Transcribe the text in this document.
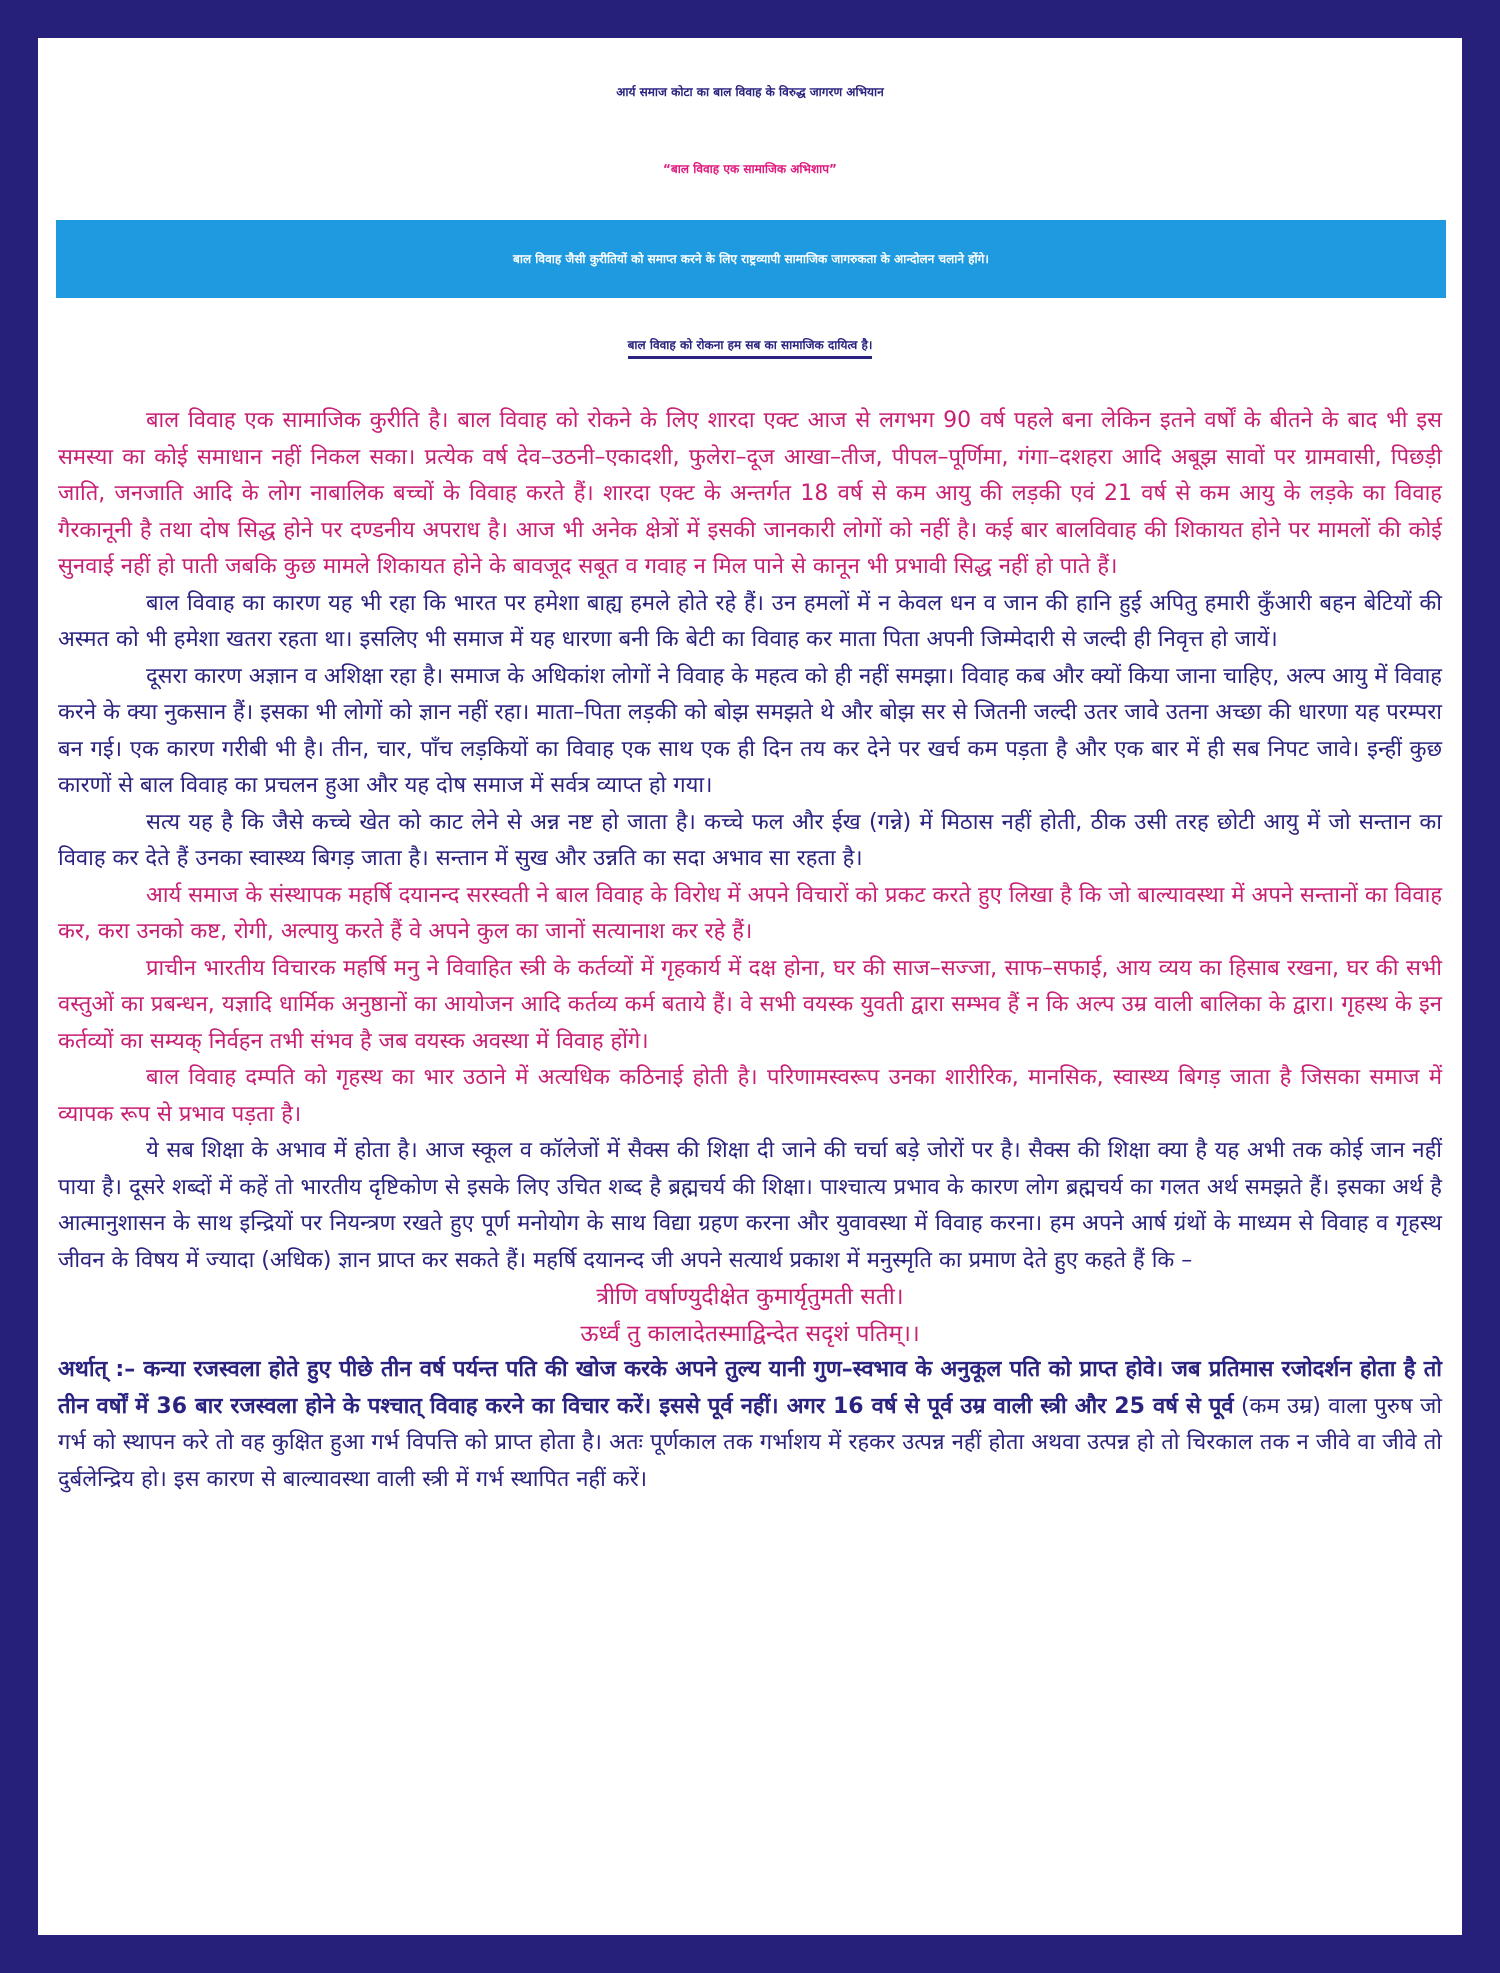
आर्य समाज कोटा का बाल विवाह के विरुद्ध जागरण अभियान
“बाल विवाह एक सामाजिक अभिशाप”
बाल विवाह जैसी कुरीतियों को समाप्त करने के लिए राष्ट्रव्यापी सामाजिक जागरुकता के आन्दोलन चलाने होंगे।
बाल विवाह को रोकना हम सब का सामाजिक दायित्व है।

बाल विवाह एक सामाजिक कुरीति है। बाल विवाह को रोकने के लिए शारदा एक्ट आज से लगभग 90 वर्ष पहले बना लेकिन इतने वर्षों के बीतने के बाद भी इस समस्या का कोई समाधान नहीं निकल सका। प्रत्येक वर्ष देव–उठनी–एकादशी, फुलेरा–दूज आखा–तीज, पीपल–पूर्णिमा, गंगा–दशहरा आदि अबूझ सावों पर ग्रामवासी, पिछड़ी जाति, जनजाति आदि के लोग नाबालिक बच्चों के विवाह करते हैं। शारदा एक्ट के अन्तर्गत 18 वर्ष से कम आयु की लड़की एवं 21 वर्ष से कम आयु के लड़के का विवाह गैरकानूनी है तथा दोष सिद्ध होने पर दण्डनीय अपराध है। आज भी अनेक क्षेत्रों में इसकी जानकारी लोगों को नहीं है। कई बार बालविवाह की शिकायत होने पर मामलों की कोई सुनवाई नहीं हो पाती जबकि कुछ मामले शिकायत होने के बावजूद सबूत व गवाह न मिल पाने से कानून भी प्रभावी सिद्ध नहीं हो पाते हैं।

बाल विवाह का कारण यह भी रहा कि भारत पर हमेशा बाह्य हमले होते रहे हैं। उन हमलों में न केवल धन व जान की हानि हुई अपितु हमारी कुँआरी बहन बेटियों की अस्मत को भी हमेशा खतरा रहता था। इसलिए भी समाज में यह धारणा बनी कि बेटी का विवाह कर माता पिता अपनी जिम्मेदारी से जल्दी ही निवृत्त हो जायें।

दूसरा कारण अज्ञान व अशिक्षा रहा है। समाज के अधिकांश लोगों ने विवाह के महत्व को ही नहीं समझा। विवाह कब और क्यों किया जाना चाहिए, अल्प आयु में विवाह करने के क्या नुकसान हैं। इसका भी लोगों को ज्ञान नहीं रहा। माता–पिता लड़की को बोझ समझते थे और बोझ सर से जितनी जल्दी उतर जावे उतना अच्छा की धारणा यह परम्परा बन गई। एक कारण गरीबी भी है। तीन, चार, पाँच लड़कियों का विवाह एक साथ एक ही दिन तय कर देने पर खर्च कम पड़ता है और एक बार में ही सब निपट जावे। इन्हीं कुछ कारणों से बाल विवाह का प्रचलन हुआ और यह दोष समाज में सर्वत्र व्याप्त हो गया।

सत्य यह है कि जैसे कच्चे खेत को काट लेने से अन्न नष्ट हो जाता है। कच्चे फल और ईख (गन्ने) में मिठास नहीं होती, ठीक उसी तरह छोटी आयु में जो सन्तान का विवाह कर देते हैं उनका स्वास्थ्य बिगड़ जाता है। सन्तान में सुख और उन्नति का सदा अभाव सा रहता है।

आर्य समाज के संस्थापक महर्षि दयानन्द सरस्वती ने बाल विवाह के विरोध में अपने विचारों को प्रकट करते हुए लिखा है कि जो बाल्यावस्था में अपने सन्तानों का विवाह कर, करा उनको कष्ट, रोगी, अल्पायु करते हैं वे अपने कुल का जानों सत्यानाश कर रहे हैं।

प्राचीन भारतीय विचारक महर्षि मनु ने विवाहित स्त्री के कर्तव्यों में गृहकार्य में दक्ष होना, घर की साज–सज्जा, साफ–सफाई, आय व्यय का हिसाब रखना, घर की सभी वस्तुओं का प्रबन्धन, यज्ञादि धार्मिक अनुष्ठानों का आयोजन आदि कर्तव्य कर्म बताये हैं। वे सभी वयस्क युवती द्वारा सम्भव हैं न कि अल्प उम्र वाली बालिका के द्वारा। गृहस्थ के इन कर्तव्यों का सम्यक् निर्वहन तभी संभव है जब वयस्क अवस्था में विवाह होंगे।

बाल विवाह दम्पति को गृहस्थ का भार उठाने में अत्यधिक कठिनाई होती है। परिणामस्वरूप उनका शारीरिक, मानसिक, स्वास्थ्य बिगड़ जाता है जिसका समाज में व्यापक रूप से प्रभाव पड़ता है।

ये सब शिक्षा के अभाव में होता है। आज स्कूल व कॉलेजों में सैक्स की शिक्षा दी जाने की चर्चा बड़े जोरों पर है। सैक्स की शिक्षा क्या है यह अभी तक कोई जान नहीं पाया है। दूसरे शब्दों में कहें तो भारतीय दृष्टिकोण से इसके लिए उचित शब्द है ब्रह्मचर्य की शिक्षा। पाश्चात्य प्रभाव के कारण लोग ब्रह्मचर्य का गलत अर्थ समझते हैं। इसका अर्थ है आत्मानुशासन के साथ इन्द्रियों पर नियन्त्रण रखते हुए पूर्ण मनोयोग के साथ विद्या ग्रहण करना और युवावस्था में विवाह करना। हम अपने आर्ष ग्रंथों के माध्यम से विवाह व गृहस्थ जीवन के विषय में ज्यादा (अधिक) ज्ञान प्राप्त कर सकते हैं। महर्षि दयानन्द जी अपने सत्यार्थ प्रकाश में मनुस्मृति का प्रमाण देते हुए कहते हैं कि –

त्रीणि वर्षाण्युदीक्षेत कुमार्यृतुमती सती।

ऊर्ध्वं तु कालादेतस्माद्विन्देत सदृशं पतिम्।।

अर्थात् :– कन्या रजस्वला होते हुए पीछे तीन वर्ष पर्यन्त पति की खोज करके अपने तुल्य यानी गुण–स्वभाव के अनुकूल पति को प्राप्त होवे। जब प्रतिमास रजोदर्शन होता है तो तीन वर्षों में 36 बार रजस्वला होने के पश्चात् विवाह करने का विचार करें। इससे पूर्व नहीं। अगर 16 वर्ष से पूर्व उम्र वाली स्त्री और 25 वर्ष से पूर्व (कम उम्र) वाला पुरुष जो गर्भ को स्थापन करे तो वह कुक्षित हुआ गर्भ विपत्ति को प्राप्त होता है। अतः पूर्णकाल तक गर्भाशय में रहकर उत्पन्न नहीं होता अथवा उत्पन्न हो तो चिरकाल तक न जीवे वा जीवे तो दुर्बलेन्द्रिय हो। इस कारण से बाल्यावस्था वाली स्त्री में गर्भ स्थापित नहीं करें।
